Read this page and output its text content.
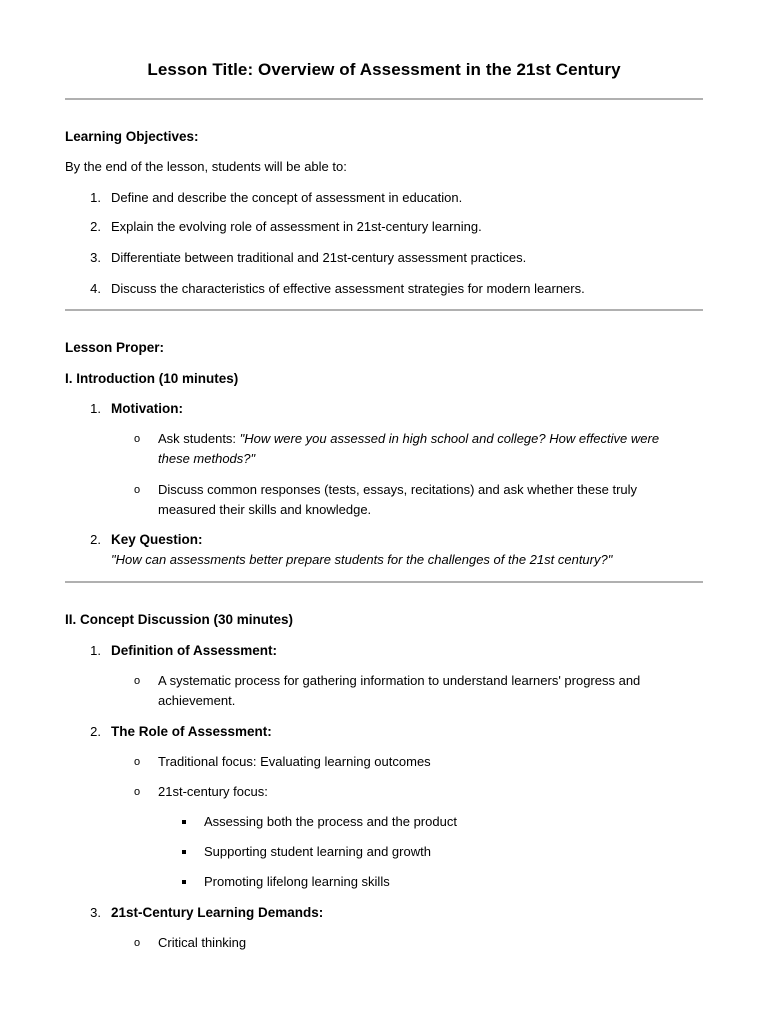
Lesson Title: Overview of Assessment in the 21st Century
Learning Objectives:
By the end of the lesson, students will be able to:
1. Define and describe the concept of assessment in education.
2. Explain the evolving role of assessment in 21st-century learning.
3. Differentiate between traditional and 21st-century assessment practices.
4. Discuss the characteristics of effective assessment strategies for modern learners.
Lesson Proper:
I. Introduction (10 minutes)
1. Motivation:
o Ask students: "How were you assessed in high school and college? How effective were
these methods?"
o Discuss common responses (tests, essays, recitations) and ask whether these truly
measured their skills and knowledge.
2. Key Question:
"How can assessments better prepare students for the challenges of the 21st century?"
II. Concept Discussion (30 minutes)
1. Definition of Assessment:
o A systematic process for gathering information to understand learners' progress and
achievement.
2. The Role of Assessment:
o Traditional focus: Evaluating learning outcomes
o 21st-century focus:
Assessing both the process and the product
Supporting student learning and growth
Promoting lifelong learning skills
3. 21st-Century Learning Demands:
o Critical thinking
